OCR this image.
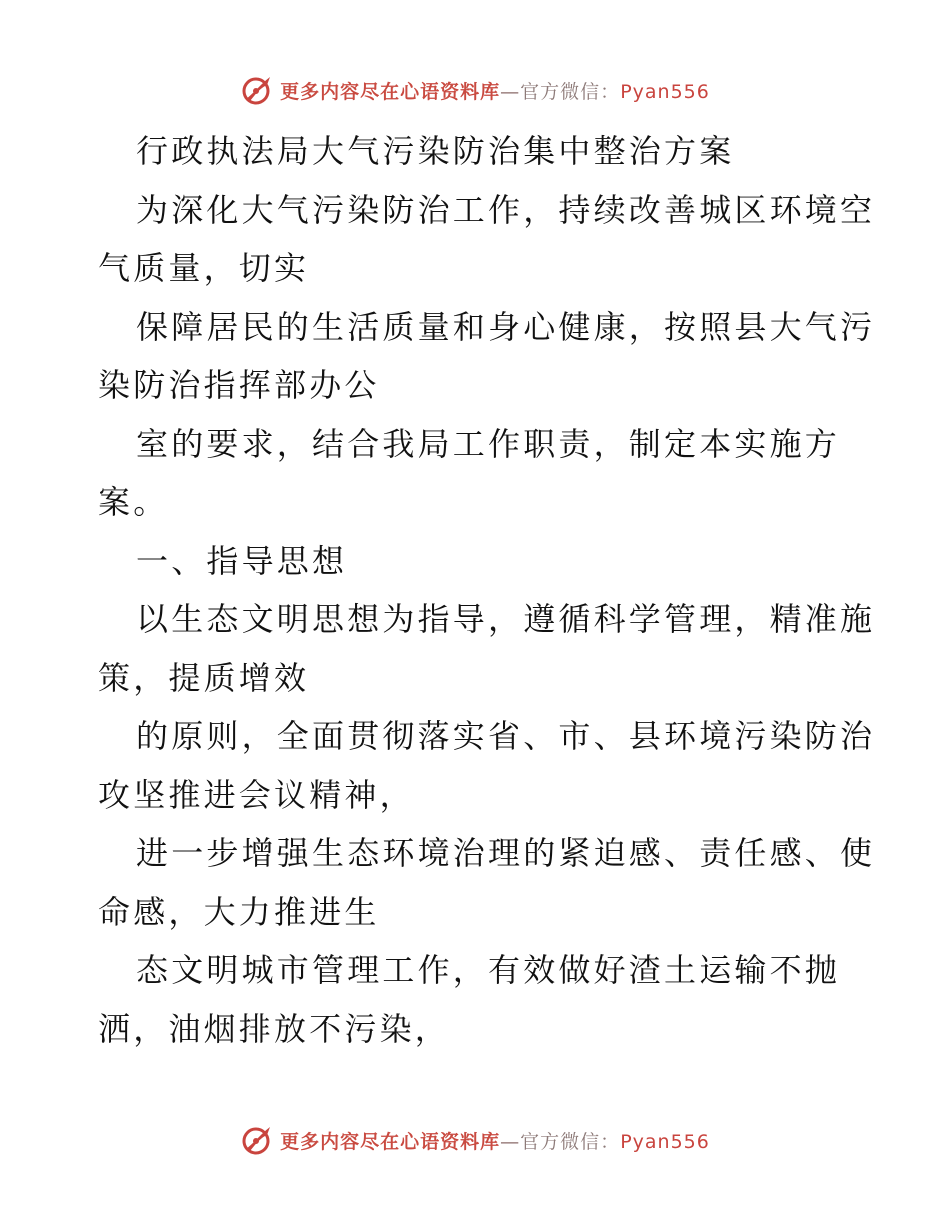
更多内容尽在心语资料库—官方微信：Pyan556
行政执法局大气污染防治集中整治方案
为深化大气污染防治工作，持续改善城区环境空
气质量，切实
保障居民的生活质量和身心健康，按照县大气污
染防治指挥部办公
室的要求，结合我局工作职责，制定本实施方
案。
一、指导思想
以生态文明思想为指导，遵循科学管理，精准施
策，提质增效
的原则，全面贯彻落实省、市、县环境污染防治
攻坚推进会议精神，
进一步增强生态环境治理的紧迫感、责任感、使
命感，大力推进生
态文明城市管理工作，有效做好渣土运输不抛
洒，油烟排放不污染，
更多内容尽在心语资料库—官方微信：Pyan556
